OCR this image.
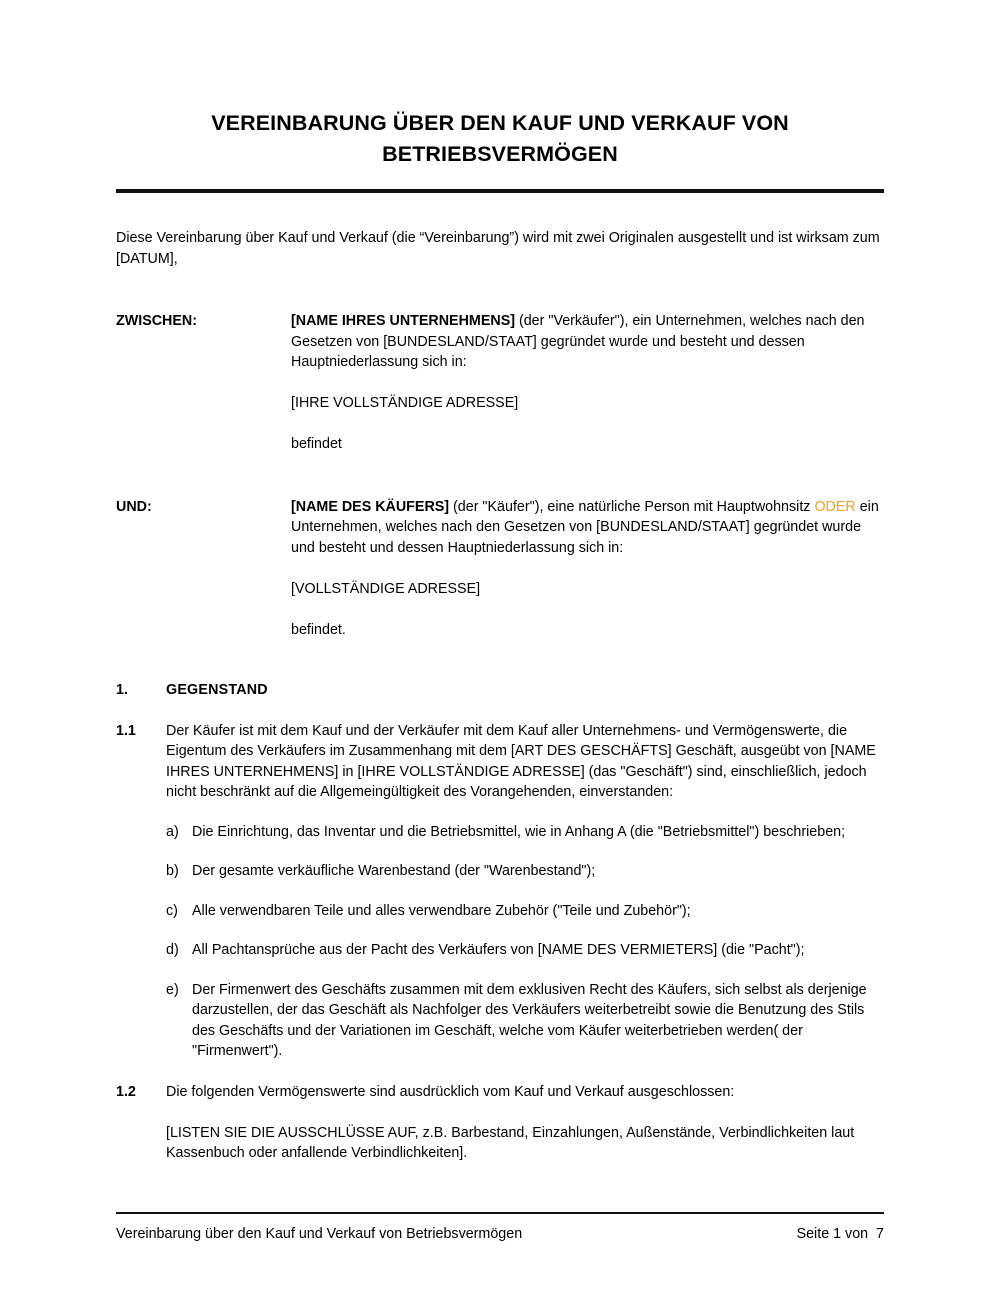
VEREINBARUNG ÜBER DEN KAUF UND VERKAUF VON BETRIEBSVERMÖGEN

Diese Vereinbarung über Kauf und Verkauf (die “Vereinbarung”) wird mit zwei Originalen ausgestellt und ist wirksam zum [DATUM],

ZWISCHEN:	[NAME IHRES UNTERNEHMENS] (der "Verkäufer"), ein Unternehmen, welches nach den Gesetzen von [BUNDESLAND/STAAT] gegründet wurde und besteht und dessen Hauptniederlassung sich in:

[IHRE VOLLSTÄNDIGE ADRESSE]

befindet

UND:	[NAME DES KÄUFERS] (der "Käufer"), eine natürliche Person mit Hauptwohnsitz ODER ein Unternehmen, welches nach den Gesetzen von [BUNDESLAND/STAAT] gegründet wurde und besteht und dessen Hauptniederlassung sich in:

[VOLLSTÄNDIGE ADRESSE]

befindet.

1.	GEGENSTAND
1.1	Der Käufer ist mit dem Kauf und der Verkäufer mit dem Kauf aller Unternehmens- und Vermögenswerte, die Eigentum des Verkäufers im Zusammenhang mit dem [ART DES GESCHÄFTS] Geschäft, ausgeübt von [NAME IHRES UNTERNEHMENS] in [IHRE VOLLSTÄNDIGE ADRESSE] (das "Geschäft") sind, einschließlich, jedoch nicht beschränkt auf die Allgemeingültigkeit des Vorangehenden, einverstanden:

a) Die Einrichtung, das Inventar und die Betriebsmittel, wie in Anhang A (die "Betriebsmittel") beschrieben;
b) Der gesamte verkäufliche Warenbestand (der "Warenbestand");
c) Alle verwendbaren Teile und alles verwendbare Zubehör ("Teile und Zubehör");
d) All Pachtansprüche aus der Pacht des Verkäufers von [NAME DES VERMIETERS] (die "Pacht");
e) Der Firmenwert des Geschäfts zusammen mit dem exklusiven Recht des Käufers, sich selbst als derjenige darzustellen, der das Geschäft als Nachfolger des Verkäufers weiterbetreibt sowie die Benutzung des Stils des Geschäfts und der Variationen im Geschäft, welche vom Käufer weiterbetrieben werden( der "Firmenwert").
1.2	Die folgenden Vermögenswerte sind ausdrücklich vom Kauf und Verkauf ausgeschlossen:

[LISTEN SIE DIE AUSSCHLÜSSE AUF, z.B. Barbestand, Einzahlungen, Außenstände, Verbindlichkeiten laut Kassenbuch oder anfallende Verbindlichkeiten].

Vereinbarung über den Kauf und Verkauf von Betriebsvermögen	Seite 1 von  7
